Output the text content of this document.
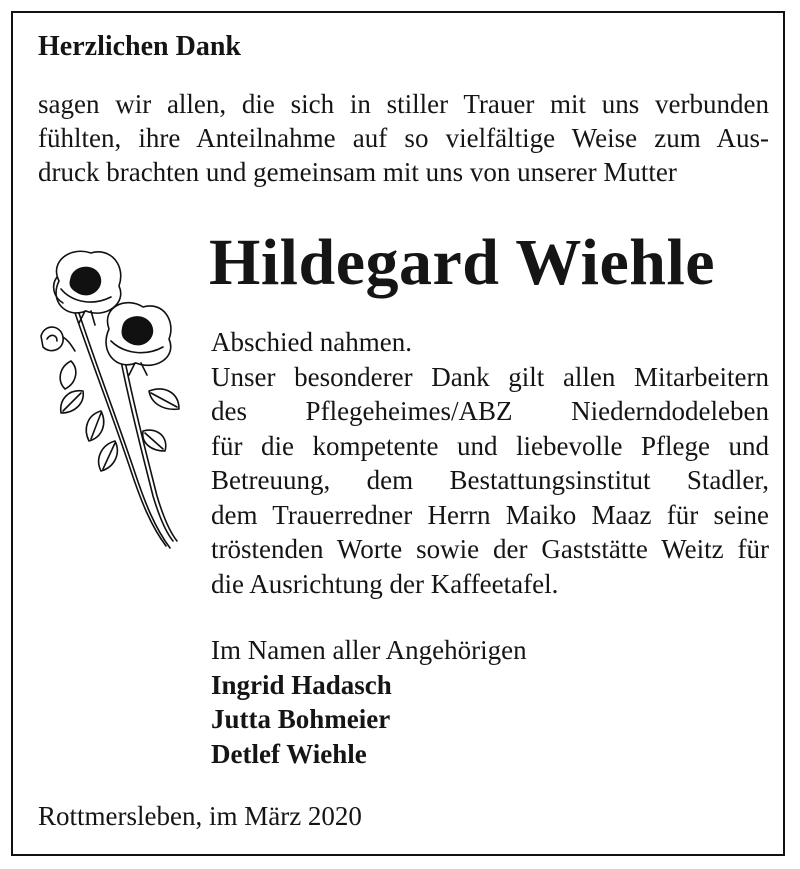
Herzlichen Dank
sagen wir allen, die sich in stiller Trauer mit uns verbunden
fühlten, ihre Anteilnahme auf so vielfältige Weise zum Aus-
druck brachten und gemeinsam mit uns von unserer Mutter
Hildegard Wiehle
Abschied nahmen.
Unser besonderer Dank gilt allen Mitarbeitern
des Pflegeheimes/ABZ Niederndodeleben
für die kompetente und liebevolle Pflege und
Betreuung, dem Bestattungsinstitut Stadler,
dem Trauerredner Herrn Maiko Maaz für seine
tröstenden Worte sowie der Gaststätte Weitz für
die Ausrichtung der Kaffeetafel.
Im Namen aller Angehörigen
Ingrid Hadasch
Jutta Bohmeier
Detlef Wiehle
Rottmersleben, im März 2020
